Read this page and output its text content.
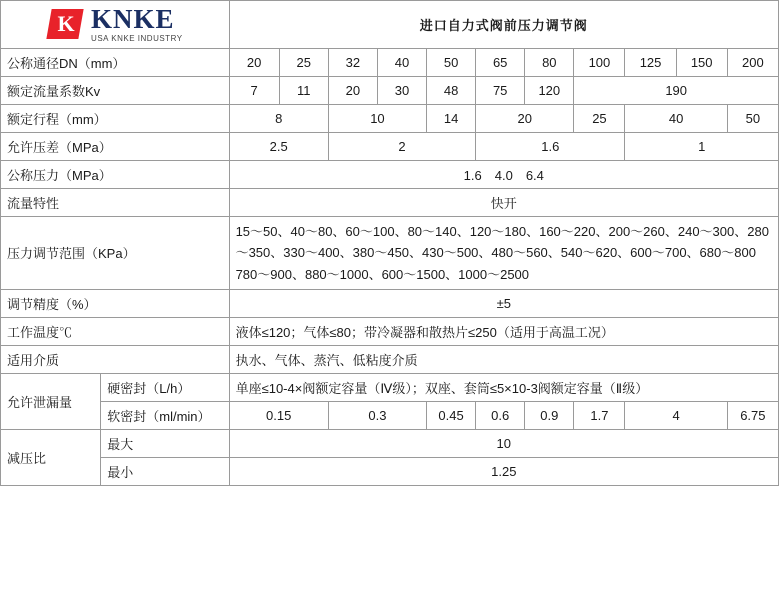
K KNKE
USA KNKE INDUSTRY		进口自力式阀前压力调节阀										
公称通径DN（mm）		20	25	32	40	50	65	80	100	125	150	200
额定流量系数Kv		7	11	20	30	48	75	120	190			
额定行程（mm）		8		10		14	20		25	40		50
允许压差（MPa）		2.5		2			1.6			1		
公称压力（MPa）		1.6　4.0　6.4										
流量特性		快开										
压力调节范围（KPa）		15～50、40～80、60～100、80～140、120～180、160～220、200～260、240～300、280～350、330～400、380～450、430～500、480～560、540～620、600～700、680～800　780～900、880～1000、600～1500、1000～2500										
调节精度（%）		±5										
工作温度℃		液体≤120；气体≤80；带冷凝器和散热片≤250（适用于高温工况）										
适用介质		执水、气体、蒸汽、低粘度介质										
允许泄漏量	硬密封（L/h）	单座≤10-4×阀额定容量（Ⅳ级）；双座、套筒≤5×10-3阀额定容量（Ⅱ级）										
	软密封（ml/min）	0.15		0.3		0.45	0.6	0.9	1.7	4		6.75
减压比	最大	10										
	最小	1.25										
